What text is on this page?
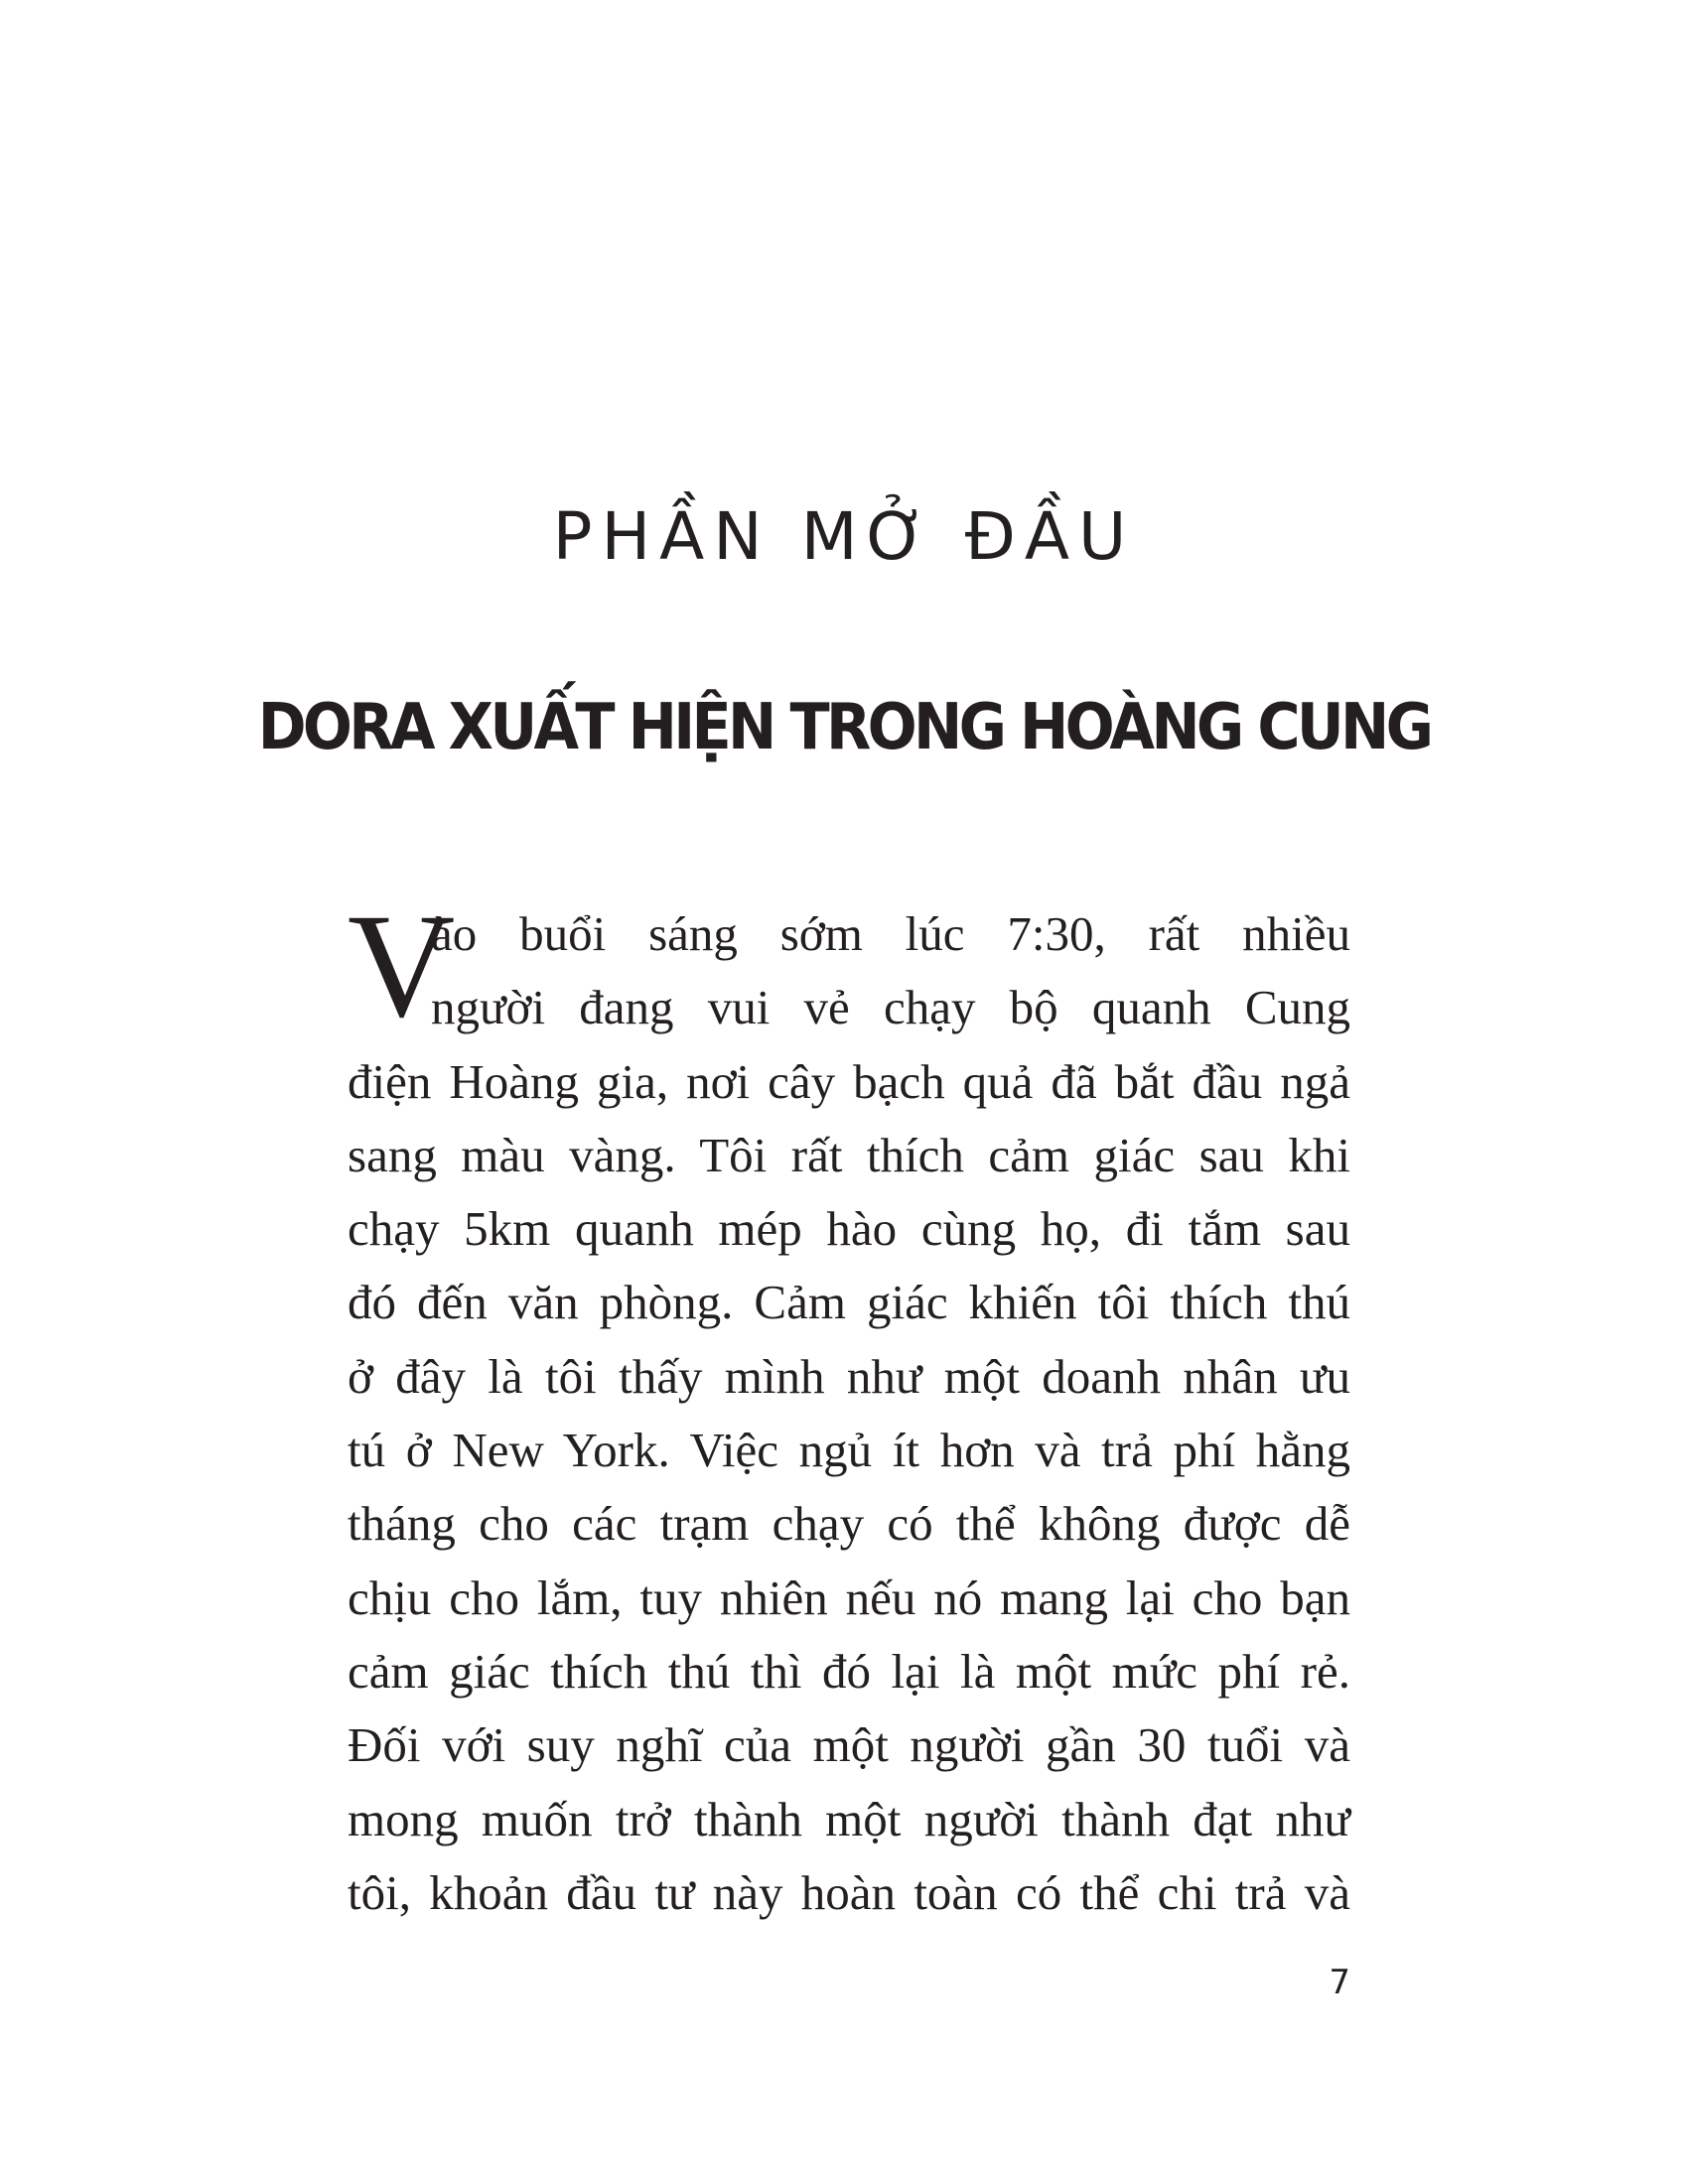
PHẦN MỞ ĐẦU
DORA XUẤT HIỆN TRONG HOÀNG CUNG
V
ào buổi sáng sớm lúc 7:30, rất nhiều
người đang vui vẻ chạy bộ quanh Cung
điện Hoàng gia, nơi cây bạch quả đã bắt đầu ngả
sang màu vàng. Tôi rất thích cảm giác sau khi
chạy 5km quanh mép hào cùng họ, đi tắm sau
đó đến văn phòng. Cảm giác khiến tôi thích thú
ở đây là tôi thấy mình như một doanh nhân ưu
tú ở New York. Việc ngủ ít hơn và trả phí hằng
tháng cho các trạm chạy có thể không được dễ
chịu cho lắm, tuy nhiên nếu nó mang lại cho bạn
cảm giác thích thú thì đó lại là một mức phí rẻ.
Đối với suy nghĩ của một người gần 30 tuổi và
mong muốn trở thành một người thành đạt như
tôi, khoản đầu tư này hoàn toàn có thể chi trả và
7
